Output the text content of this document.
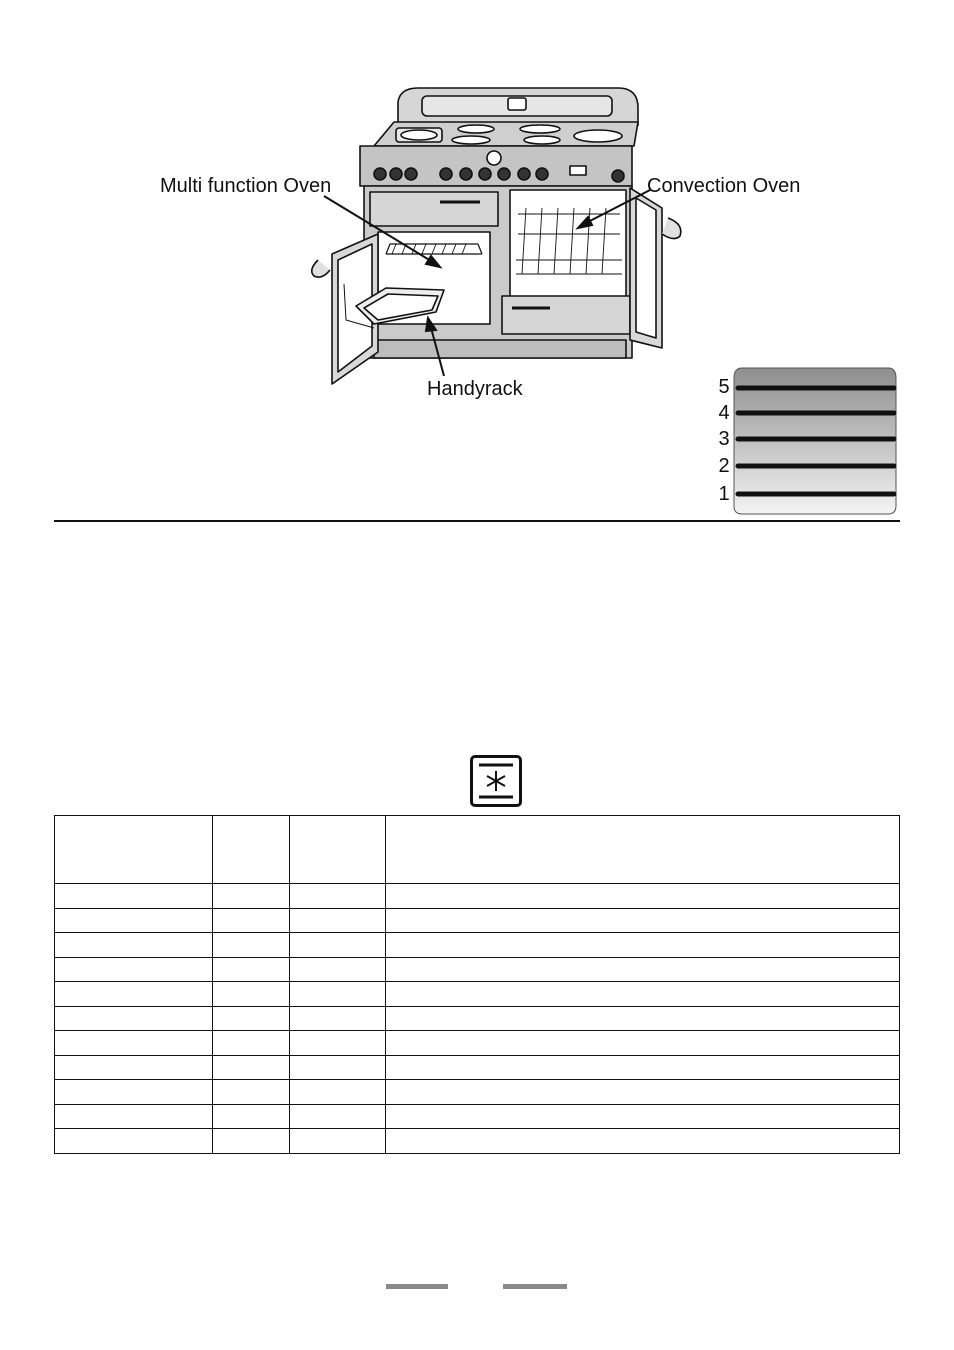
Multi function Oven	Convection Oven
Handyrack	5
4
3
2
1
